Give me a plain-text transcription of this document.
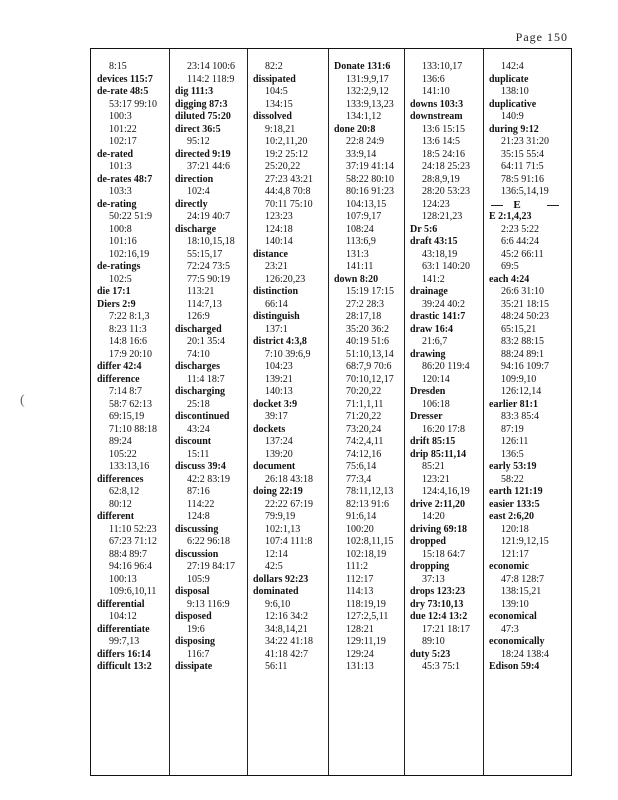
Page 150
(
8:15
devices 115:7
de-rate 48:5
53:17 99:10
100:3
101:22
102:17
de-rated
101:3
de-rates 48:7
103:3
de-rating
50:22 51:9
100:8
101:16
102:16,19
de-ratings
102:5
die 17:1
Diers 2:9
7:22 8:1,3
8:23 11:3
14:8 16:6
17:9 20:10
differ 42:4
difference
7:14 8:7
58:7 62:13
69:15,19
71:10 88:18
89:24
105:22
133:13,16
differences
62:8,12
80:12
different
11:10 52:23
67:23 71:12
88:4 89:7
94:16 96:4
100:13
109:6,10,11
differential
104:12
differentiate
99:7,13
differs 16:14
difficult 13:2
23:14 100:6
114:2 118:9
dig 111:3
digging 87:3
diluted 75:20
direct 36:5
95:12
directed 9:19
37:21 44:6
direction
102:4
directly
24:19 40:7
discharge
18:10,15,18
55:15,17
72:24 73:5
77:5 90:19
113:21
114:7,13
126:9
discharged
20:1 35:4
74:10
discharges
11:4 18:7
discharging
25:18
discontinued
43:24
discount
15:11
discuss 39:4
42:2 83:19
87:16
114:22
124:8
discussing
6:22 96:18
discussion
27:19 84:17
105:9
disposal
9:13 116:9
disposed
19:6
disposing
116:7
dissipate
82:2
dissipated
104:5
134:15
dissolved
9:18,21
10:2,11,20
19:2 25:12
25:20,22
27:23 43:21
44:4,8 70:8
70:11 75:10
123:23
124:18
140:14
distance
23:21
126:20,23
distinction
66:14
distinguish
137:1
district 4:3,8
7:10 39:6,9
104:23
139:21
140:13
docket 3:9
39:17
dockets
137:24
139:20
document
26:18 43:18
doing 22:19
22:22 67:19
79:9,19
102:1,13
107:4 111:8
12:14
42:5
dollars 92:23
dominated
9:6,10
12:16 34:2
34:8,14,21
34:22 41:18
41:18 42:7
56:11
Donate 131:6
131:9,9,17
132:2,9,12
133:9,13,23
134:1,12
done 20:8
22:8 24:9
33:9,14
37:19 41:14
58:22 80:10
80:16 91:23
104:13,15
107:9,17
108:24
113:6,9
131:3
141:11
down 8:20
15:19 17:15
27:2 28:3
28:17,18
35:20 36:2
40:19 51:6
51:10,13,14
68:7,9 70:6
70:10,12,17
70:20,22
71:1,1,11
71:20,22
73:20,24
74:2,4,11
74:12,16
75:6,14
77:3,4
78:11,12,13
82:13 91:6
91:6,14
100:20
102:8,11,15
102:18,19
111:2
112:17
114:13
118:19,19
127:2,5,11
128:21
129:11,19
129:24
131:13
133:10,17
136:6
141:10
downs 103:3
downstream
13:6 15:15
13:6 14:5
18:5 24:16
24:18 25:23
28:8,9,19
28:20 53:23
124:23
128:21,23
Dr 5:6
draft 43:15
43:18,19
63:1 140:20
141:2
drainage
39:24 40:2
drastic 141:7
draw 16:4
21:6,7
drawing
86:20 119:4
120:14
Dresden
106:18
Dresser
16:20 17:8
drift 85:15
drip 85:11,14
85:21
123:21
124:4,16,19
drive 2:11,20
14:20
driving 69:18
dropped
15:18 64:7
dropping
37:13
drops 123:23
dry 73:10,13
due 12:4 13:2
17:21 18:17
89:10
duty 5:23
45:3 75:1
142:4
duplicate
138:10
duplicative
140:9
during 9:12
21:23 31:20
35:15 55:4
64:11 71:5
78:5 91:16
136:5,14,19
E
E 2:1,4,23
2:23 5:22
6:6 44:24
45:2 66:11
69:5
each 4:24
26:6 31:10
35:21 18:15
48:24 50:23
65:15,21
83:2 88:15
88:24 89:1
94:16 109:7
109:9,10
126:12,14
earlier 81:1
83:3 85:4
87:19
126:11
136:5
early 53:19
58:22
earth 121:19
easier 133:5
east 2:6,20
120:18
121:9,12,15
121:17
economic
47:8 128:7
138:15,21
139:10
economical
47:3
economically
18:24 138:4
Edison 59:4
